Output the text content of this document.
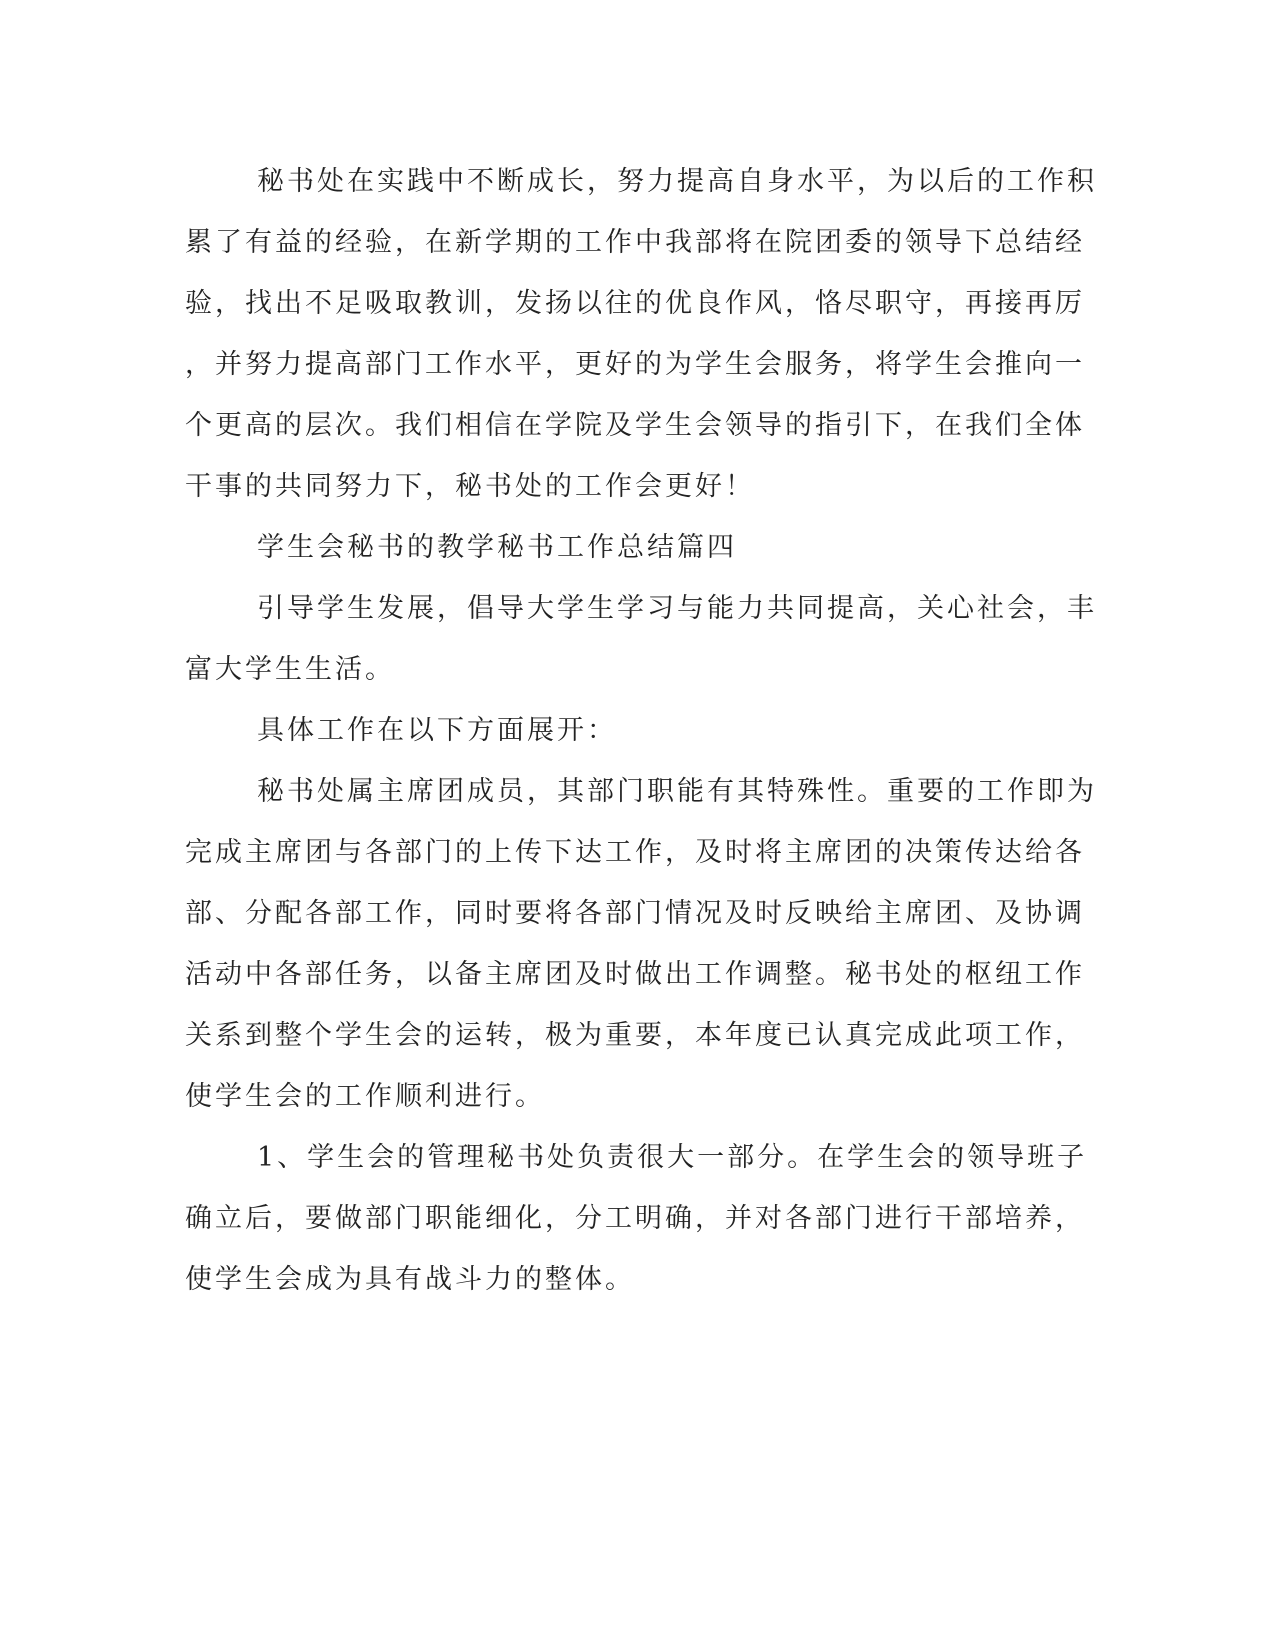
秘书处在实践中不断成长，努力提高自身水平，为以后的工作积
累了有益的经验，在新学期的工作中我部将在院团委的领导下总结经
验，找出不足吸取教训，发扬以往的优良作风，恪尽职守，再接再厉
，并努力提高部门工作水平，更好的为学生会服务，将学生会推向一
个更高的层次。我们相信在学院及学生会领导的指引下，在我们全体
干事的共同努力下，秘书处的工作会更好！
学生会秘书的教学秘书工作总结篇四
引导学生发展，倡导大学生学习与能力共同提高，关心社会，丰
富大学生生活。
具体工作在以下方面展开：
秘书处属主席团成员，其部门职能有其特殊性。重要的工作即为
完成主席团与各部门的上传下达工作，及时将主席团的决策传达给各
部、分配各部工作，同时要将各部门情况及时反映给主席团、及协调
活动中各部任务，以备主席团及时做出工作调整。秘书处的枢纽工作
关系到整个学生会的运转，极为重要，本年度已认真完成此项工作，
使学生会的工作顺利进行。
1、学生会的管理秘书处负责很大一部分。在学生会的领导班子
确立后，要做部门职能细化，分工明确，并对各部门进行干部培养，
使学生会成为具有战斗力的整体。
